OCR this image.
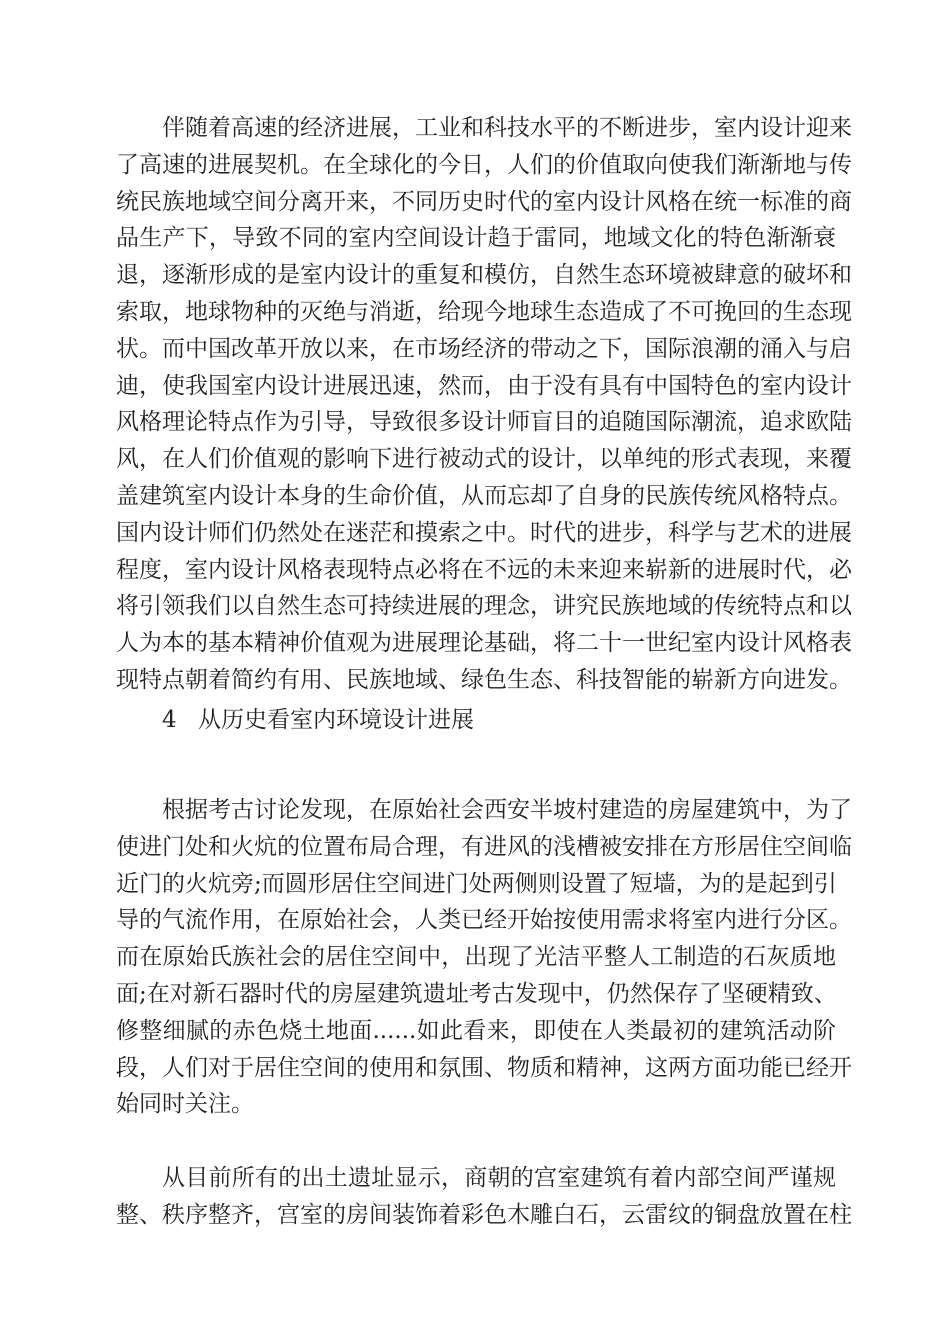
伴随着高速的经济进展，工业和科技水平的不断进步，室内设计迎来
了高速的进展契机。在全球化的今日，人们的价值取向使我们渐渐地与传
统民族地域空间分离开来，不同历史时代的室内设计风格在统一标准的商
品生产下，导致不同的室内空间设计趋于雷同，地域文化的特色渐渐衰
退，逐渐形成的是室内设计的重复和模仿，自然生态环境被肆意的破坏和
索取，地球物种的灭绝与消逝，给现今地球生态造成了不可挽回的生态现
状。而中国改革开放以来，在市场经济的带动之下，国际浪潮的涌入与启
迪，使我国室内设计进展迅速，然而，由于没有具有中国特色的室内设计
风格理论特点作为引导，导致很多设计师盲目的追随国际潮流，追求欧陆
风，在人们价值观的影响下进行被动式的设计，以单纯的形式表现，来覆
盖建筑室内设计本身的生命价值，从而忘却了自身的民族传统风格特点。
国内设计师们仍然处在迷茫和摸索之中。时代的进步，科学与艺术的进展
程度，室内设计风格表现特点必将在不远的未来迎来崭新的进展时代，必
将引领我们以自然生态可持续进展的理念，讲究民族地域的传统特点和以
人为本的基本精神价值观为进展理论基础，将二十一世纪室内设计风格表
现特点朝着简约有用、民族地域、绿色生态、科技智能的崭新方向进发。
4 从历史看室内环境设计进展
根据考古讨论发现，在原始社会西安半坡村建造的房屋建筑中，为了
使进门处和火炕的位置布局合理，有进风的浅槽被安排在方形居住空间临
近门的火炕旁;而圆形居住空间进门处两侧则设置了短墙，为的是起到引
导的气流作用，在原始社会，人类已经开始按使用需求将室内进行分区。
而在原始氏族社会的居住空间中，出现了光洁平整人工制造的石灰质地
面;在对新石器时代的房屋建筑遗址考古发现中，仍然保存了坚硬精致、
修整细腻的赤色烧土地面......如此看来，即使在人类最初的建筑活动阶
段，人们对于居住空间的使用和氛围、物质和精神，这两方面功能已经开
始同时关注。
从目前所有的出土遗址显示，商朝的宫室建筑有着内部空间严谨规
整、秩序整齐，宫室的房间装饰着彩色木雕白石，云雷纹的铜盘放置在柱
